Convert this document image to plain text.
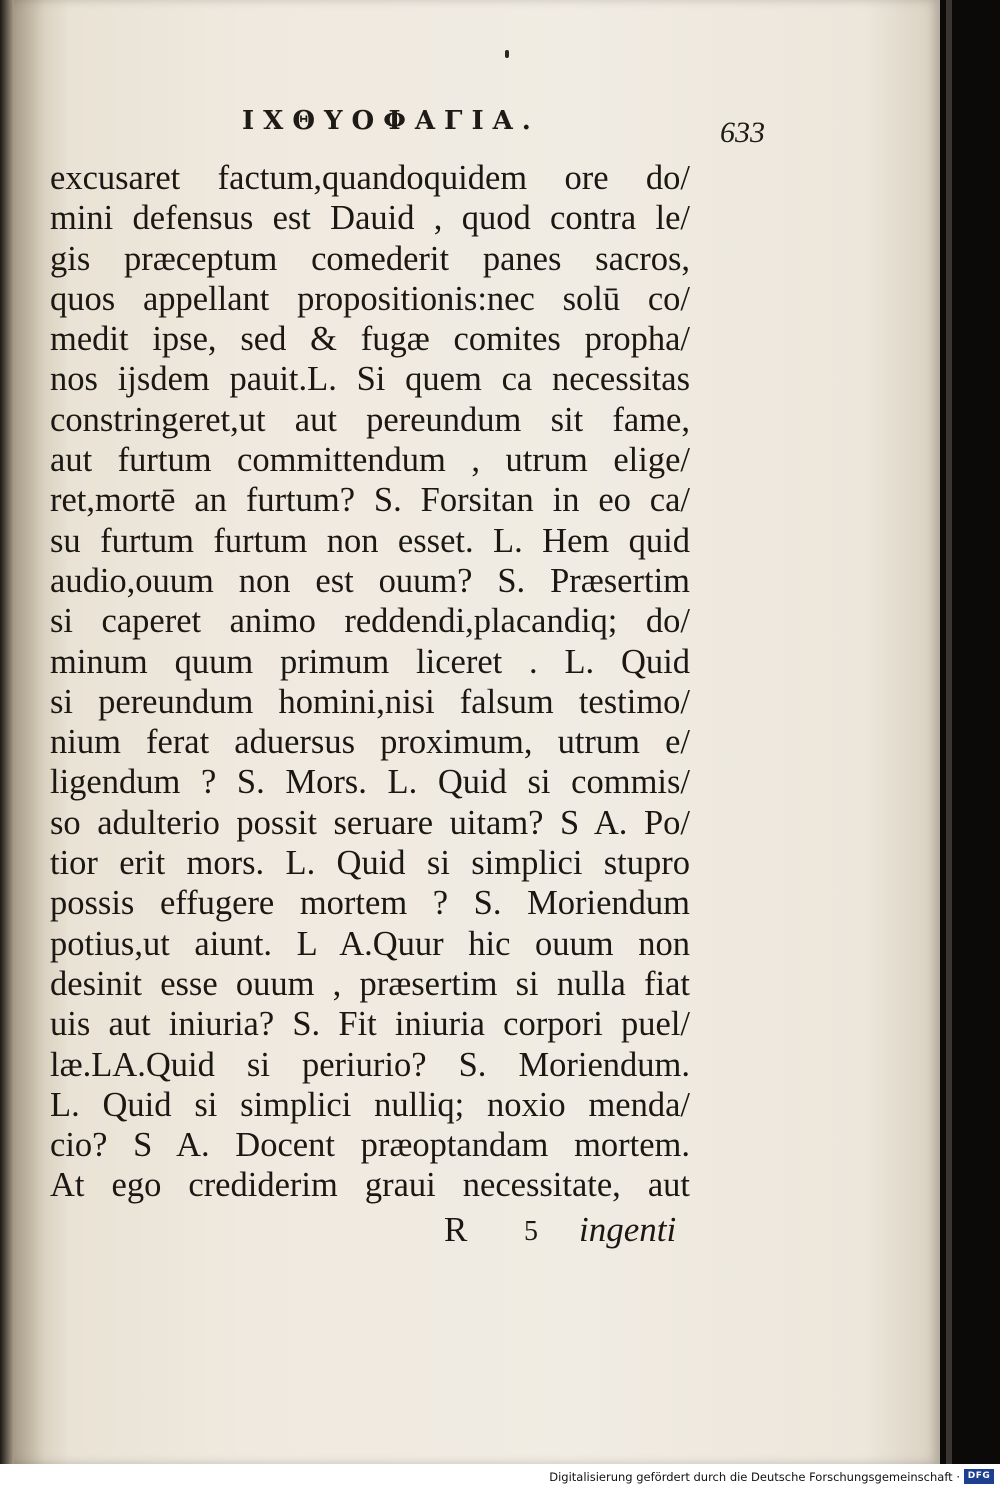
ΙΧΘΥΟΦΑΓΙΑ.	633
excusaret factum,quandoquidem ore do/
mini defensus est Dauid , quod contra le/
gis præceptum comederit panes sacros,
quos appellant propositionis:nec solū co/
medit ipse, sed & fugæ comites propha/
nos ijsdem pauit.L. Si quem ca necessitas
constringeret,ut aut pereundum sit fame,
aut furtum committendum , utrum elige/
ret,mortē an furtum? S. Forsitan in eo ca/
su furtum furtum non esset. L. Hem quid
audio,ouum non est ouum? S. Præsertim
si caperet animo reddendi,placandiq; do/
minum quum primum liceret . L. Quid
si pereundum homini,nisi falsum testimo/
nium ferat aduersus proximum, utrum e/
ligendum ? S. Mors. L. Quid si commis/
so adulterio possit seruare uitam? S A. Po/
tior erit mors. L. Quid si simplici stupro
possis effugere mortem ? S. Moriendum
potius,ut aiunt. L A.Quur hic ouum non
desinit esse ouum , præsertim si nulla fiat
uis aut iniuria? S. Fit iniuria corpori puel/
læ.LA.Quid si periurio? S. Moriendum.
L. Quid si simplici nulliq; noxio menda/
cio? S A. Docent præoptandam mortem.
At ego crediderim graui necessitate, aut
R 5 ingenti
Digitalisierung gefördert durch die Deutsche Forschungsgemeinschaft · DFG
